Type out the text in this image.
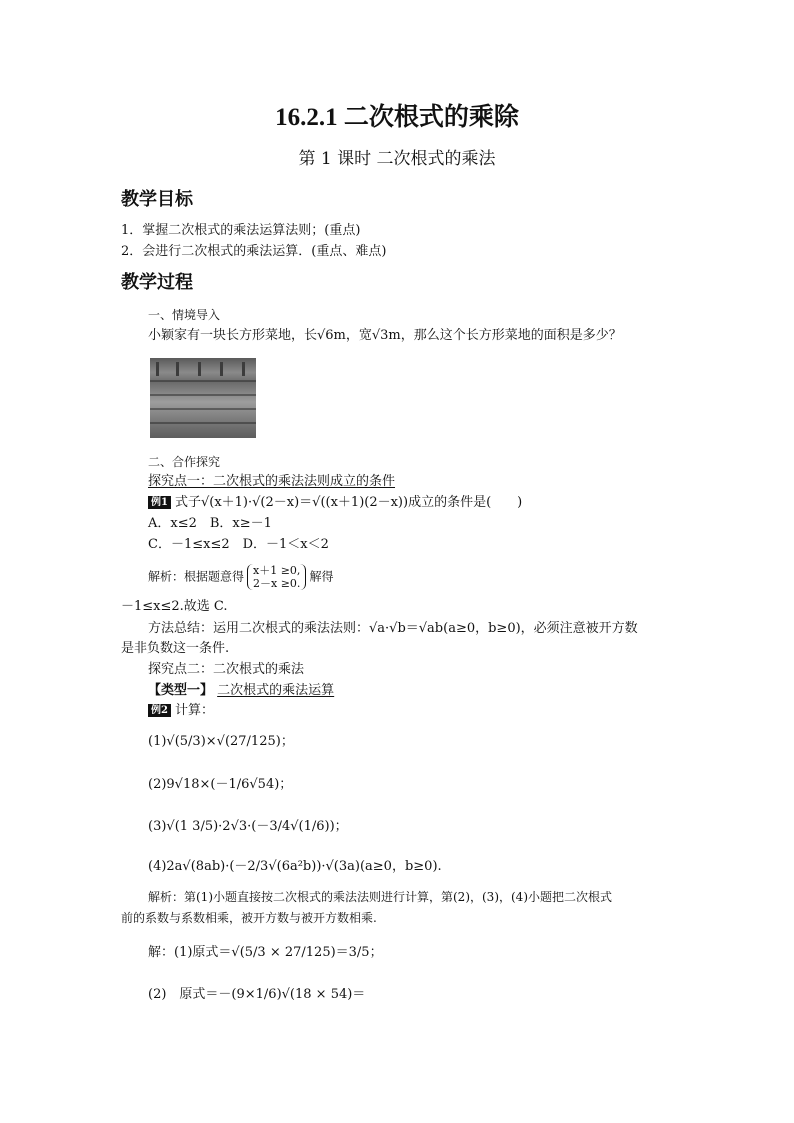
16.2.1 二次根式的乘除
第 1 课时 二次根式的乘法
教学目标
1．掌握二次根式的乘法运算法则；(重点)
2．会进行二次根式的乘法运算．(重点、难点)
教学过程
一、情境导入
小颖家有一块长方形菜地，长√6m，宽√3m，那么这个长方形菜地的面积是多少？
二、合作探究
探究点一：二次根式的乘法法则成立的条件
例1 式子√(x＋1)·√(2－x)＝√((x＋1)(2－x))成立的条件是(　　)
A．x≤2　B．x≥－1
C．－1≤x≤2　D．－1＜x＜2
解析：根据题意得 x＋1 ≥0,
2－x ≥0. 解得
－1≤x≤2.故选 C.
方法总结：运用二次根式的乘法法则：√a·√b＝√ab(a≥0，b≥0)，必须注意被开方数
是非负数这一条件.
探究点二：二次根式的乘法
【类型一】 二次根式的乘法运算
例2 计算：
(1)√(5/3)×√(27/125)；
(2)9√18×(－1/6√54)；
(3)√(1 3/5)·2√3·(－3/4√(1/6))；
(4)2a√(8ab)·(－2/3√(6a²b))·√(3a)(a≥0，b≥0).
解析：第(1)小题直接按二次根式的乘法法则进行计算，第(2)，(3)，(4)小题把二次根式
前的系数与系数相乘，被开方数与被开方数相乘.
解：(1)原式＝√(5/3 × 27/125)＝3/5；
(2)　原式＝－(9×1/6)√(18 × 54)＝
